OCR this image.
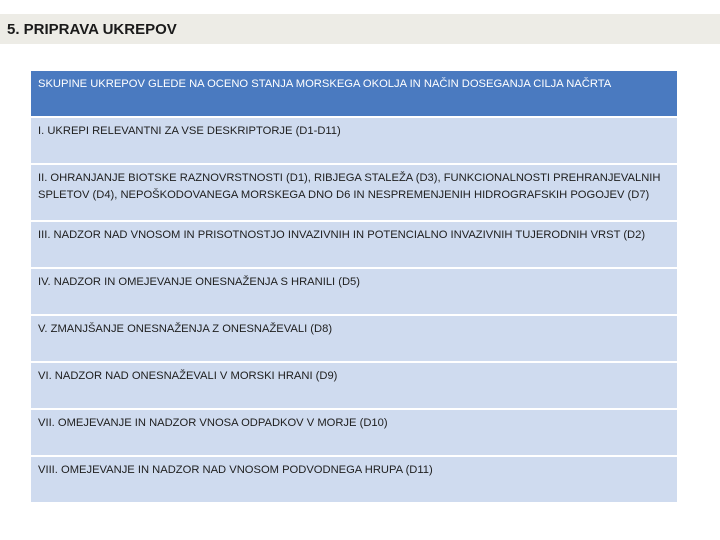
5. PRIPRAVA UKREPOV
SKUPINE UKREPOV GLEDE NA OCENO STANJA MORSKEGA OKOLJA IN NAČIN DOSEGANJA CILJA NAČRTA
I. UKREPI RELEVANTNI ZA VSE DESKRIPTORJE (D1-D11)
II. OHRANJANJE BIOTSKE RAZNOVRSTNOSTI (D1), RIBJEGA STALEŽA (D3), FUNKCIONALNOSTI PREHRANJEVALNIH SPLETOV (D4), NEPOŠKODOVANEGA MORSKEGA DNO D6 IN NESPREMENJENIH HIDROGRAFSKIH POGOJEV (D7)
III. NADZOR NAD VNOSOM IN PRISOTNOSTJO INVAZIVNIH IN POTENCIALNO INVAZIVNIH TUJERODNIH VRST (D2)
IV. NADZOR IN OMEJEVANJE ONESNAŽENJA S HRANILI (D5)
V. ZMANJŠANJE ONESNAŽENJA Z ONESNAŽEVALI (D8)
VI. NADZOR NAD ONESNAŽEVALI V MORSKI HRANI (D9)
VII. OMEJEVANJE IN NADZOR VNOSA ODPADKOV V MORJE (D10)
VIII. OMEJEVANJE IN NADZOR NAD VNOSOM PODVODNEGA HRUPA (D11)
